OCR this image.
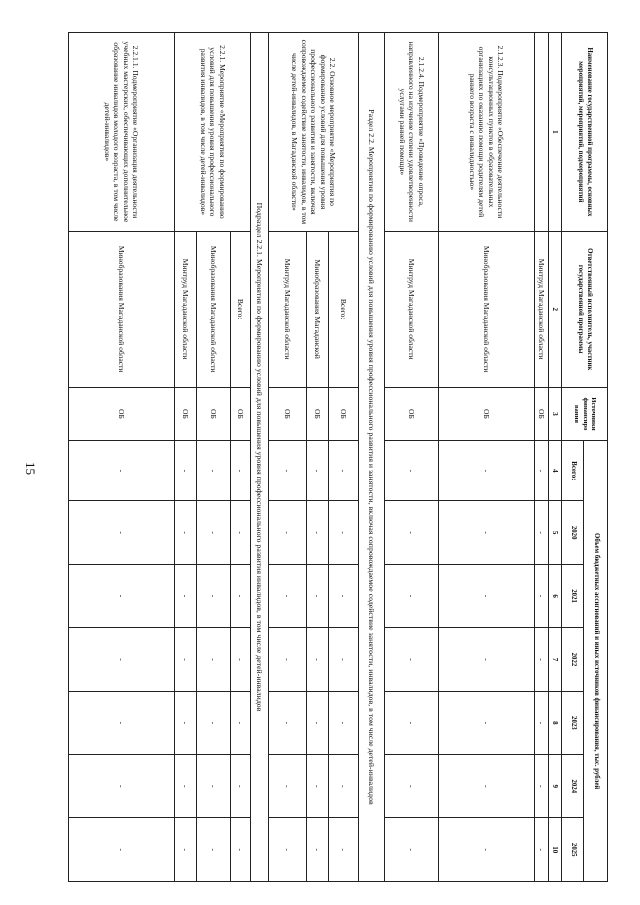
15
Наименование государственной программы, основных мероприятий, мероприятий, подмероприятий	Ответственный исполнитель, участник государственной программы	Источники финансиро вания	Объем бюджетных ассигнований и иных источников финансирования, тыс. рублей						
			Всего:	2020	2021	2022	2023	2024	2025
1	2	3	4	5	6	7	8	9	10
	Минтруд Магаданской области	ОБ	-	-	-	-	-	-	-
2.1.2.3. Подмероприятие «Обеспечение деятельности консультационных пунктов в образовательных организациях по оказанию помощи родителям детей раннего возраста с инвалидностью»	Минобразования Магаданской области	ОБ	-	-	-	-	-	-	-
2.1.2.4. Подмероприятие «Проведение опроса, направленного на изучение степени удовлетворенности услугами ранней помощи»	Минтруд Магаданской области	ОБ	-	-	-	-	-	-	-
Раздел 2.2. Мероприятия по формированию условий для повышения уровня профессионального развития и занятости, включая сопровождаемое содействие занятости, инвалидов, в том числе детей-инвалидов									
2.2. Основное мероприятие «Мероприятия по формированию условий для повышения уровня профессионального развития и занятости, включая сопровождаемое содействие занятости, инвалидов, в том числе детей-инвалидов, в Магаданской области»	Всего:	ОБ	-	-	-	-	-	-	-
	Минобразования Магаданской	ОБ	-	-	-	-	-	-	-
	Минтруд Магаданской области	ОБ	-	-	-	-	-	-	-
Подраздел 2.2.1. Мероприятия по формированию условий для повышения уровня профессионального развития инвалидов, в том числе детей-инвалидов									
2.2.1. Мероприятие «Мероприятия по формированию условий для повышения уровня профессионального развития инвалидов, в том числе детей-инвалидов»	Всего:	ОБ	-	-	-	-	-	-	-
	Минобразования Магаданской области	ОБ	-	-	-	-	-	-	-
	Минтруд Магаданской области	ОБ	-	-	-	-	-	-	-
2.2.1.1. Подмероприятие «Организация деятельности учебных мастерских, обеспечивающих дополнительное образование инвалидов молодого возраста, в том числе детей-инвалидов»	Минобразования Магаданской области	ОБ	-	-	-	-	-	-	-
